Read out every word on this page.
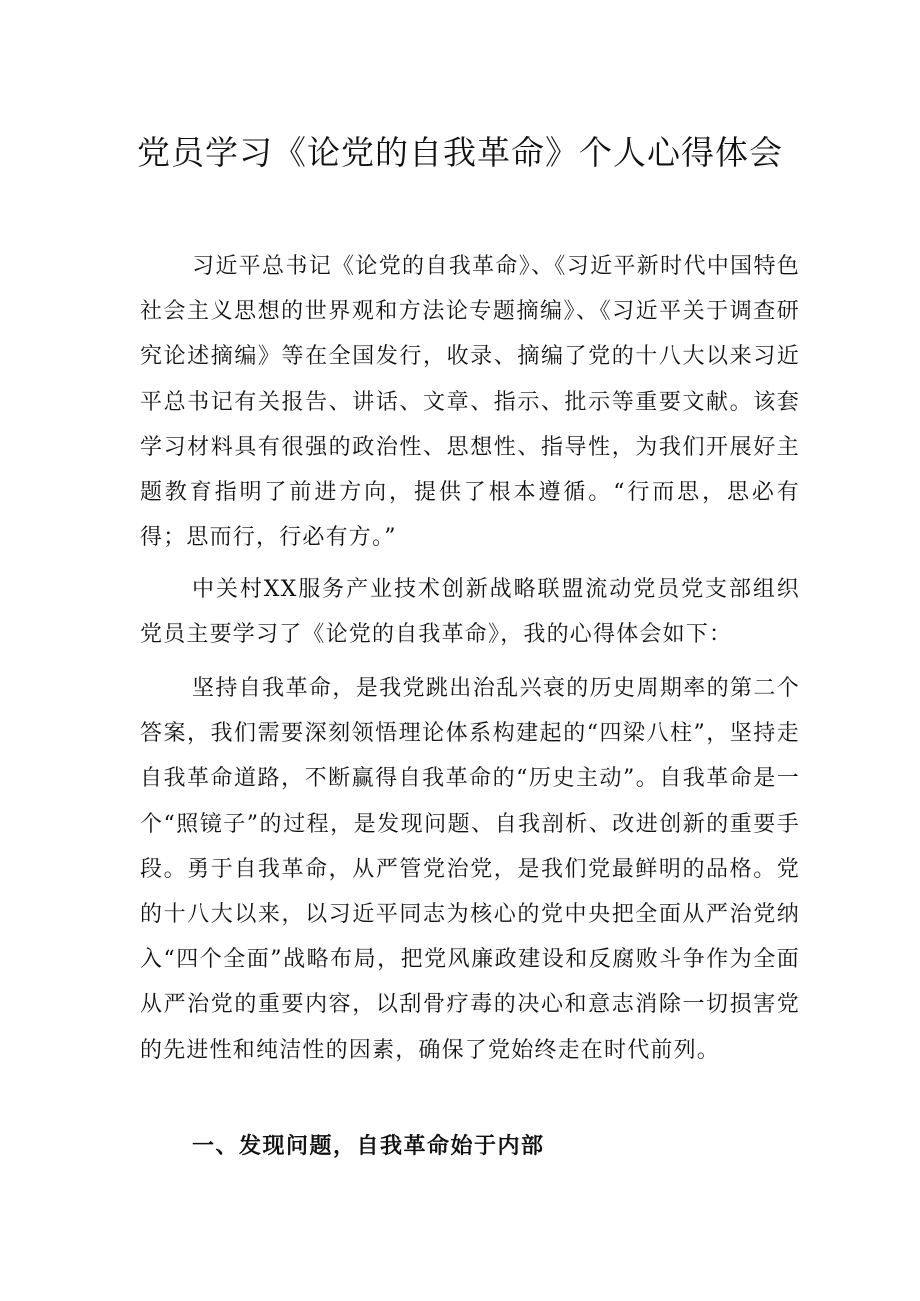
党员学习《论党的自我革命》个人心得体会

习近平总书记《论党的自我革命》、《习近平新时代中国特色社会主义思想的世界观和方法论专题摘编》、《习近平关于调查研究论述摘编》等在全国发行，收录、摘编了党的十八大以来习近平总书记有关报告、讲话、文章、指示、批示等重要文献。该套学习材料具有很强的政治性、思想性、指导性，为我们开展好主题教育指明了前进方向，提供了根本遵循。“行而思，思必有得；思而行，行必有方。”

中关村XX服务产业技术创新战略联盟流动党员党支部组织党员主要学习了《论党的自我革命》，我的心得体会如下：

坚持自我革命，是我党跳出治乱兴衰的历史周期率的第二个答案，我们需要深刻领悟理论体系构建起的“四梁八柱”，坚持走自我革命道路，不断赢得自我革命的“历史主动”。自我革命是一个“照镜子”的过程，是发现问题、自我剖析、改进创新的重要手段。勇于自我革命，从严管党治党，是我们党最鲜明的品格。党的十八大以来，以习近平同志为核心的党中央把全面从严治党纳入“四个全面”战略布局，把党风廉政建设和反腐败斗争作为全面从严治党的重要内容，以刮骨疗毒的决心和意志消除一切损害党的先进性和纯洁性的因素，确保了党始终走在时代前列。

一、发现问题，自我革命始于内部
